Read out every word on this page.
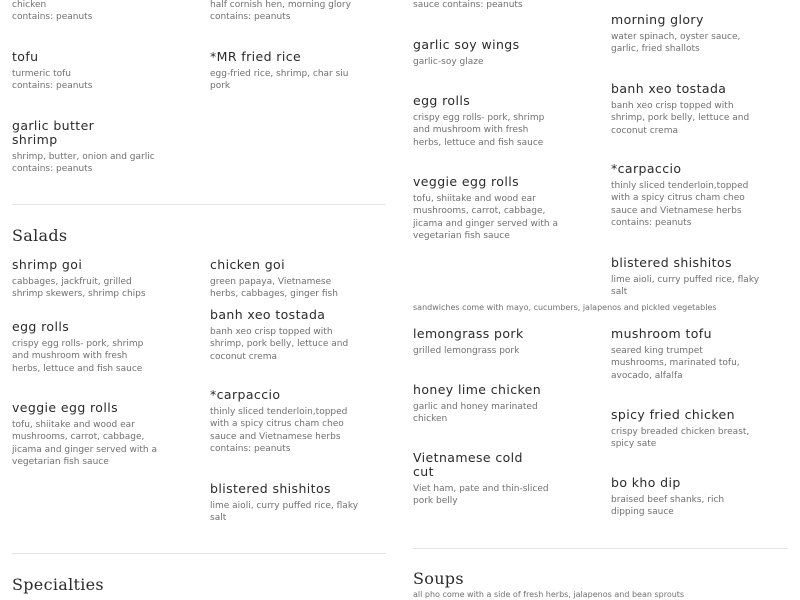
chicken
contains: peanuts

half cornish hen, morning glory
contains: peanuts

tofu

turmeric tofu
contains: peanuts

*MR fried rice

egg-fried rice, shrimp, char siu
pork

garlic butter shrimp

shrimp, butter, onion and garlic
contains: peanuts

Salads
shrimp goi

cabbages, jackfruit, grilled
shrimp skewers, shrimp chips

chicken goi

green papaya, Vietnamese
herbs, cabbages, ginger fish

egg rolls

crispy egg rolls- pork, shrimp
and mushroom with fresh
herbs, lettuce and fish sauce

banh xeo tostada

banh xeo crisp topped with
shrimp, pork belly, lettuce and
coconut crema

veggie egg rolls

tofu, shiitake and wood ear
mushrooms, carrot, cabbage,
jicama and ginger served with a
vegetarian fish sauce

*carpaccio

thinly sliced tenderloin,topped
with a spicy citrus cham cheo
sauce and Vietnamese herbs
contains: peanuts

blistered shishitos

lime aioli, curry puffed rice, flaky
salt

Specialties

sauce contains: peanuts

morning glory

water spinach, oyster sauce,
garlic, fried shallots

garlic soy wings

garlic-soy glaze

egg rolls

crispy egg rolls- pork, shrimp
and mushroom with fresh
herbs, lettuce and fish sauce

banh xeo tostada

banh xeo crisp topped with
shrimp, pork belly, lettuce and
coconut crema

veggie egg rolls

tofu, shiitake and wood ear
mushrooms, carrot, cabbage,
jicama and ginger served with a
vegetarian fish sauce

*carpaccio

thinly sliced tenderloin,topped
with a spicy citrus cham cheo
sauce and Vietnamese herbs
contains: peanuts

blistered shishitos

lime aioli, curry puffed rice, flaky
salt

sandwiches come with mayo, cucumbers, jalapenos and pickled vegetables

lemongrass pork

grilled lemongrass pork

mushroom tofu

seared king trumpet
mushrooms, marinated tofu,
avocado, alfalfa

honey lime chicken

garlic and honey marinated
chicken	spicy fried chicken

crispy breaded chicken breast,
spicy sate

Vietnamese cold cut

Viet ham, pate and thin-sliced
pork belly

bo kho dip

braised beef shanks, rich
dipping sauce

Soups

all pho come with a side of fresh herbs, jalapenos and bean sprouts
